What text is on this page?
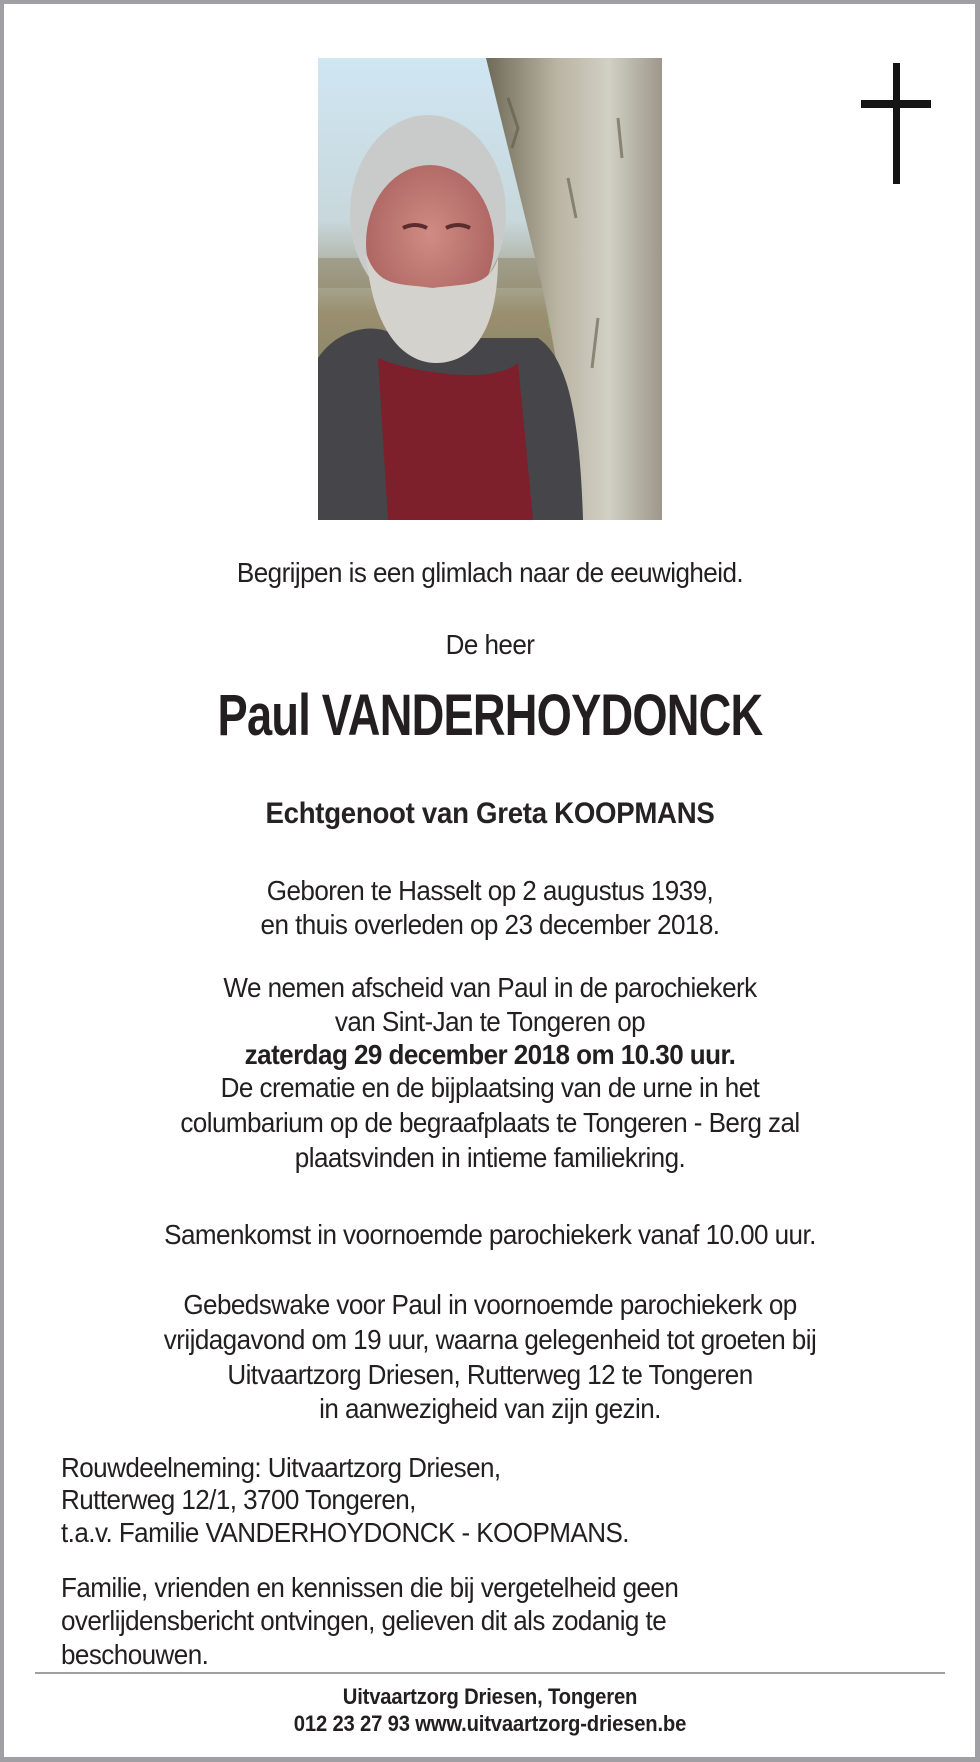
Begrijpen is een glimlach naar de eeuwigheid.
De heer
Paul VANDERHOYDONCK
Echtgenoot van Greta KOOPMANS
Geboren te Hasselt op 2 augustus 1939,
en thuis overleden op 23 december 2018.
We nemen afscheid van Paul in de parochiekerk
van Sint-Jan te Tongeren op
zaterdag 29 december 2018 om 10.30 uur.
De crematie en de bijplaatsing van de urne in het
columbarium op de begraafplaats te Tongeren - Berg zal
plaatsvinden in intieme familiekring.
Samenkomst in voornoemde parochiekerk vanaf 10.00 uur.
Gebedswake voor Paul in voornoemde parochiekerk op
vrijdagavond om 19 uur, waarna gelegenheid tot groeten bij
Uitvaartzorg Driesen, Rutterweg 12 te Tongeren
in aanwezigheid van zijn gezin.
Rouwdeelneming: Uitvaartzorg Driesen,
Rutterweg 12/1, 3700 Tongeren,
t.a.v. Familie VANDERHOYDONCK - KOOPMANS.
Familie, vrienden en kennissen die bij vergetelheid geen
overlijdensbericht ontvingen, gelieven dit als zodanig te
beschouwen.
Uitvaartzorg Driesen, Tongeren
012 23 27 93 www.uitvaartzorg-driesen.be
